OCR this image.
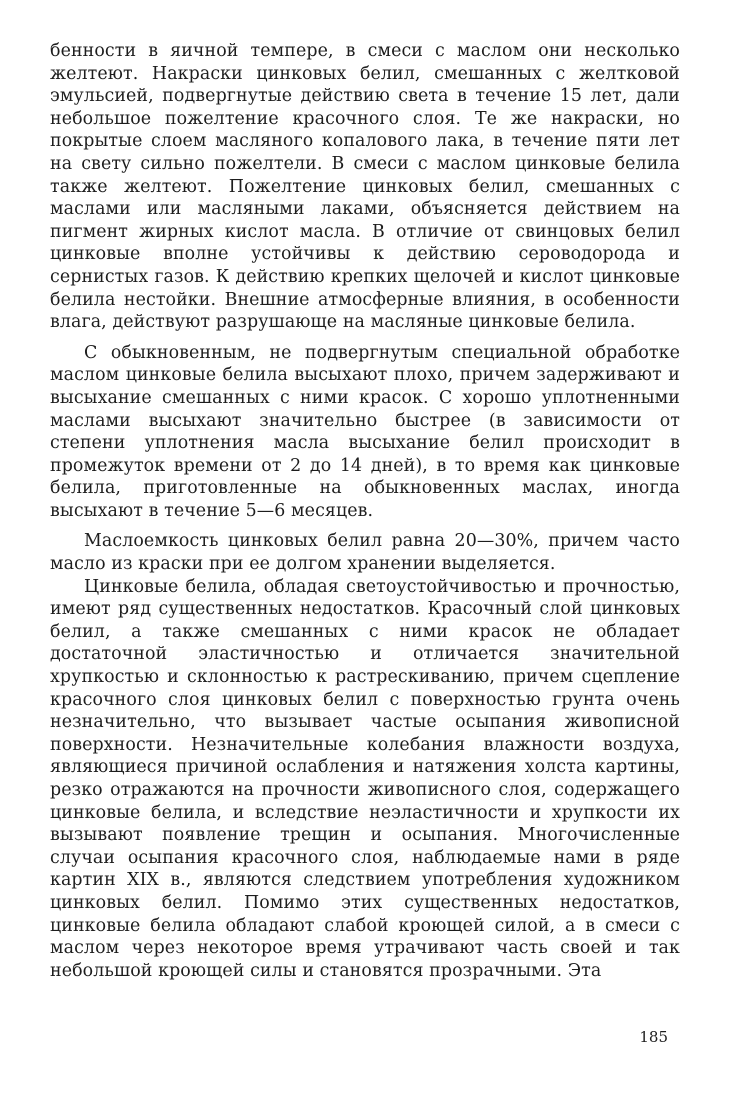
бенности в яичной темпере, в смеси с маслом они несколько желтеют. Накраски цинковых белил, смешанных с желтковой эмульсией, подвергнутые действию света в течение 15 лет, дали небольшое пожелтение красочного слоя. Те же накраски, но покрытые слоем масляного копалового лака, в течение пяти лет на свету сильно пожелтели. В смеси с маслом цинковые белила также желтеют. Пожелтение цинковых белил, смешанных с маслами или масляными лаками, объясняется действием на пигмент жирных кислот масла. В отличие от свинцовых белил цинковые вполне устойчивы к действию сероводорода и сернистых газов. К действию крепких щелочей и кислот цинковые белила нестойки. Внешние атмосферные влияния, в особенности влага, действуют разрушающе на масляные цинковые белила.

С обыкновенным, не подвергнутым специальной обработке маслом цинковые белила высыхают плохо, причем задерживают и высыхание смешанных с ними красок. С хорошо уплотненными маслами высыхают значительно быстрее (в зависимости от степени уплотнения масла высыхание белил происходит в промежуток времени от 2 до 14 дней), в то время как цинковые белила, приготовленные на обыкновенных маслах, иногда высыхают в течение 5—6 месяцев.

Маслоемкость цинковых белил равна 20—30%, причем часто масло из краски при ее долгом хранении выделяется.

Цинковые белила, обладая светоустойчивостью и прочностью, имеют ряд существенных недостатков. Красочный слой цинковых белил, а также смешанных с ними красок не обладает достаточной эластичностью и отличается значительной хрупкостью и склонностью к растрескиванию, причем сцепление красочного слоя цинковых белил с поверхностью грунта очень незначительно, что вызывает частые осыпания живописной поверхности. Незначительные колебания влажности воздуха, являющиеся причиной ослабления и натяжения холста картины, резко отражаются на прочности живописного слоя, содержащего цинковые белила, и вследствие неэластичности и хрупкости их вызывают появление трещин и осыпания. Многочисленные случаи осыпания красочного слоя, наблюдаемые нами в ряде картин XIX в., являются следствием употребления художником цинковых белил. Помимо этих существенных недостатков, цинковые белила обладают слабой кроющей силой, а в смеси с маслом через некоторое время утрачивают часть своей и так небольшой кроющей силы и становятся прозрачными. Эта

185
